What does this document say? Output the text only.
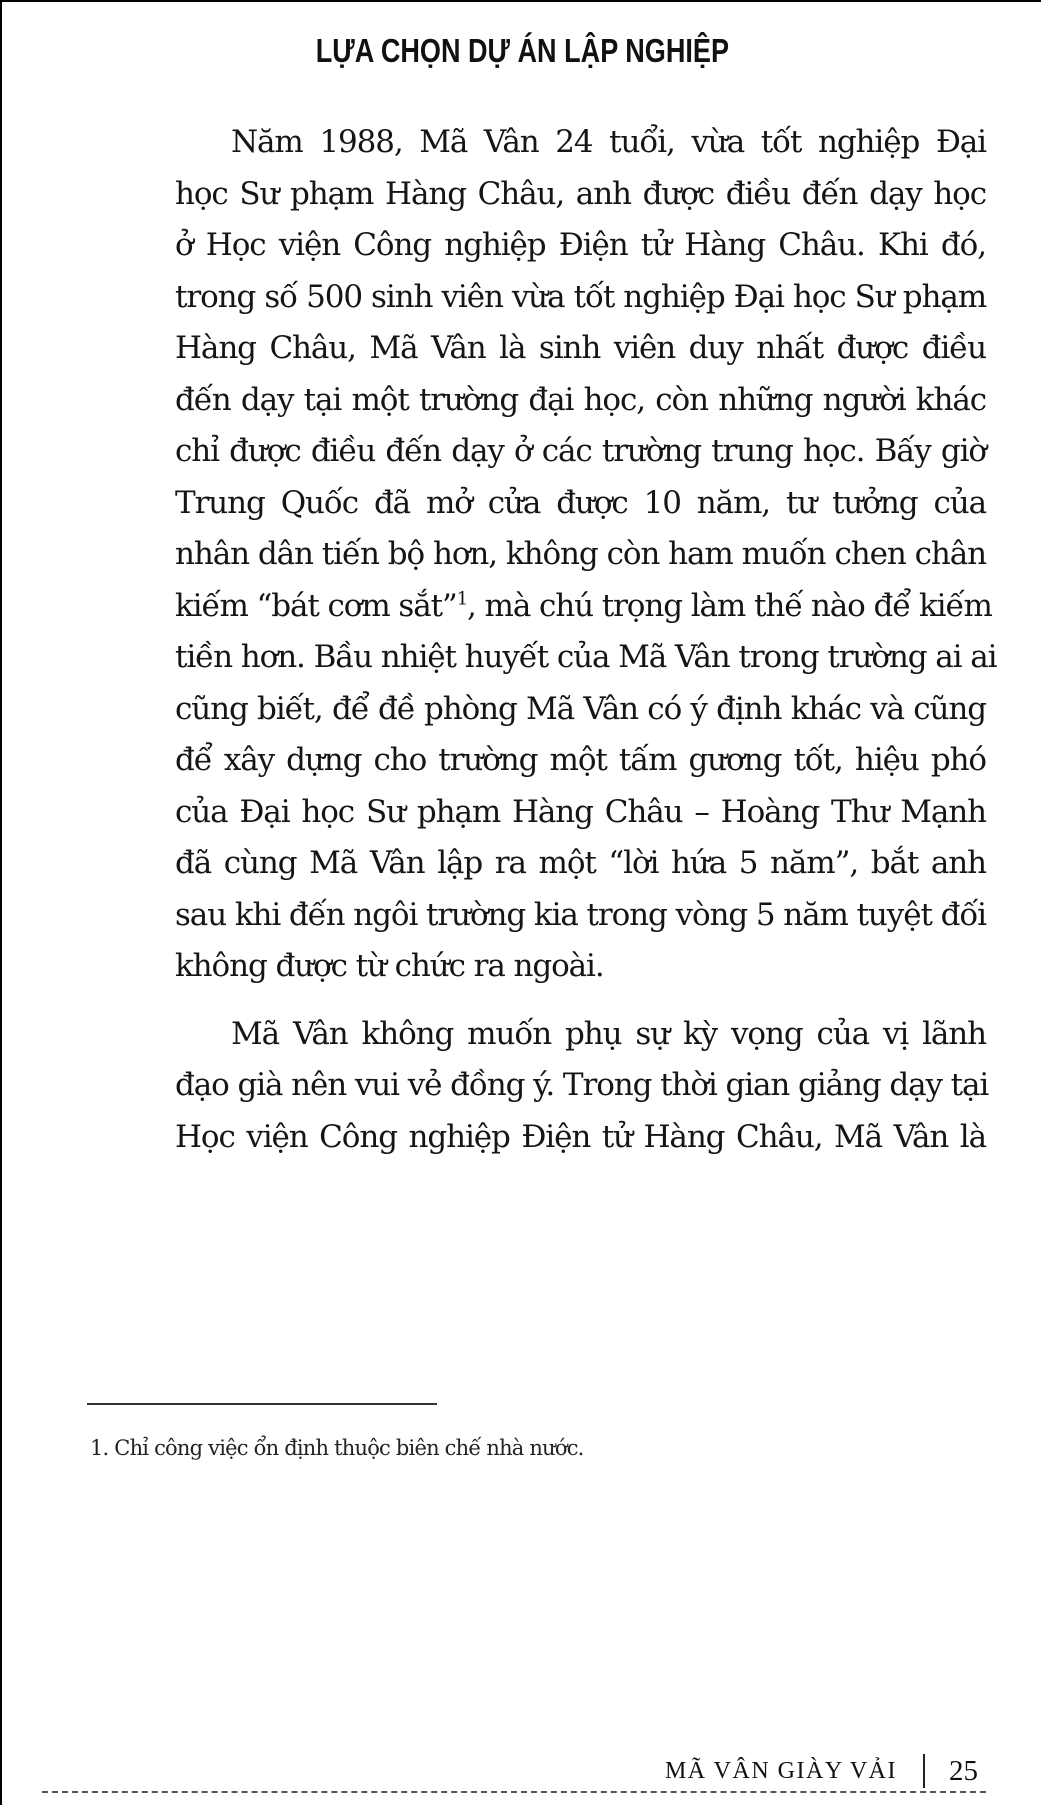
LỰA CHỌN DỰ ÁN LẬP NGHIỆP

Năm 1988, Mã Vân 24 tuổi, vừa tốt nghiệp Đại
học Sư phạm Hàng Châu, anh được điều đến dạy học
ở Học viện Công nghiệp Điện tử Hàng Châu. Khi đó,
trong số 500 sinh viên vừa tốt nghiệp Đại học Sư phạm
Hàng Châu, Mã Vân là sinh viên duy nhất được điều
đến dạy tại một trường đại học, còn những người khác
chỉ được điều đến dạy ở các trường trung học. Bấy giờ
Trung Quốc đã mở cửa được 10 năm, tư tưởng của
nhân dân tiến bộ hơn, không còn ham muốn chen chân
kiếm “bát cơm sắt”$^1$, mà chú trọng làm thế nào để kiếm
tiền hơn. Bầu nhiệt huyết của Mã Vân trong trường ai ai
cũng biết, để đề phòng Mã Vân có ý định khác và cũng
để xây dựng cho trường một tấm gương tốt, hiệu phó
của Đại học Sư phạm Hàng Châu – Hoàng Thư Mạnh
đã cùng Mã Vân lập ra một “lời hứa 5 năm”, bắt anh
sau khi đến ngôi trường kia trong vòng 5 năm tuyệt đối
không được từ chức ra ngoài.

Mã Vân không muốn phụ sự kỳ vọng của vị lãnh
đạo già nên vui vẻ đồng ý. Trong thời gian giảng dạy tại
Học viện Công nghiệp Điện tử Hàng Châu, Mã Vân là

1. Chỉ công việc ổn định thuộc biên chế nhà nước.
MÃ VÂN GIÀY VẢI 25
